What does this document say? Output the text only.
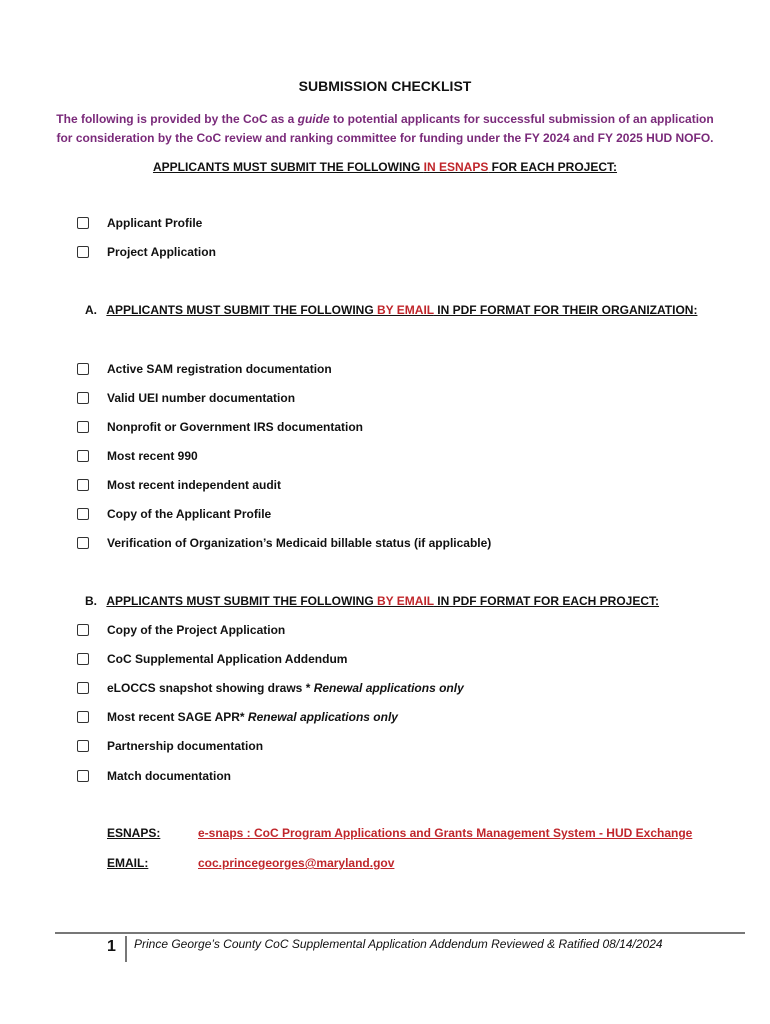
SUBMISSION CHECKLIST
The following is provided by the CoC as a guide to potential applicants for successful submission of an application for consideration by the CoC review and ranking committee for funding under the FY 2024 and FY 2025 HUD NOFO.
APPLICANTS MUST SUBMIT THE FOLLOWING IN ESNAPS FOR EACH PROJECT:
Applicant Profile
Project Application
A. APPLICANTS MUST SUBMIT THE FOLLOWING BY EMAIL IN PDF FORMAT FOR THEIR ORGANIZATION:
Active SAM registration documentation
Valid UEI number documentation
Nonprofit or Government IRS documentation
Most recent 990
Most recent independent audit
Copy of the Applicant Profile
Verification of Organization’s Medicaid billable status (if applicable)
B. APPLICANTS MUST SUBMIT THE FOLLOWING BY EMAIL IN PDF FORMAT FOR EACH PROJECT:
Copy of the Project Application
CoC Supplemental Application Addendum
eLOCCS snapshot showing draws * Renewal applications only
Most recent SAGE APR* Renewal applications only
Partnership documentation
Match documentation
ESNAPS:	e-snaps : CoC Program Applications and Grants Management System - HUD Exchange
EMAIL:	coc.princegeorges@maryland.gov
1 Prince George’s County CoC Supplemental Application Addendum Reviewed & Ratified 08/14/2024
